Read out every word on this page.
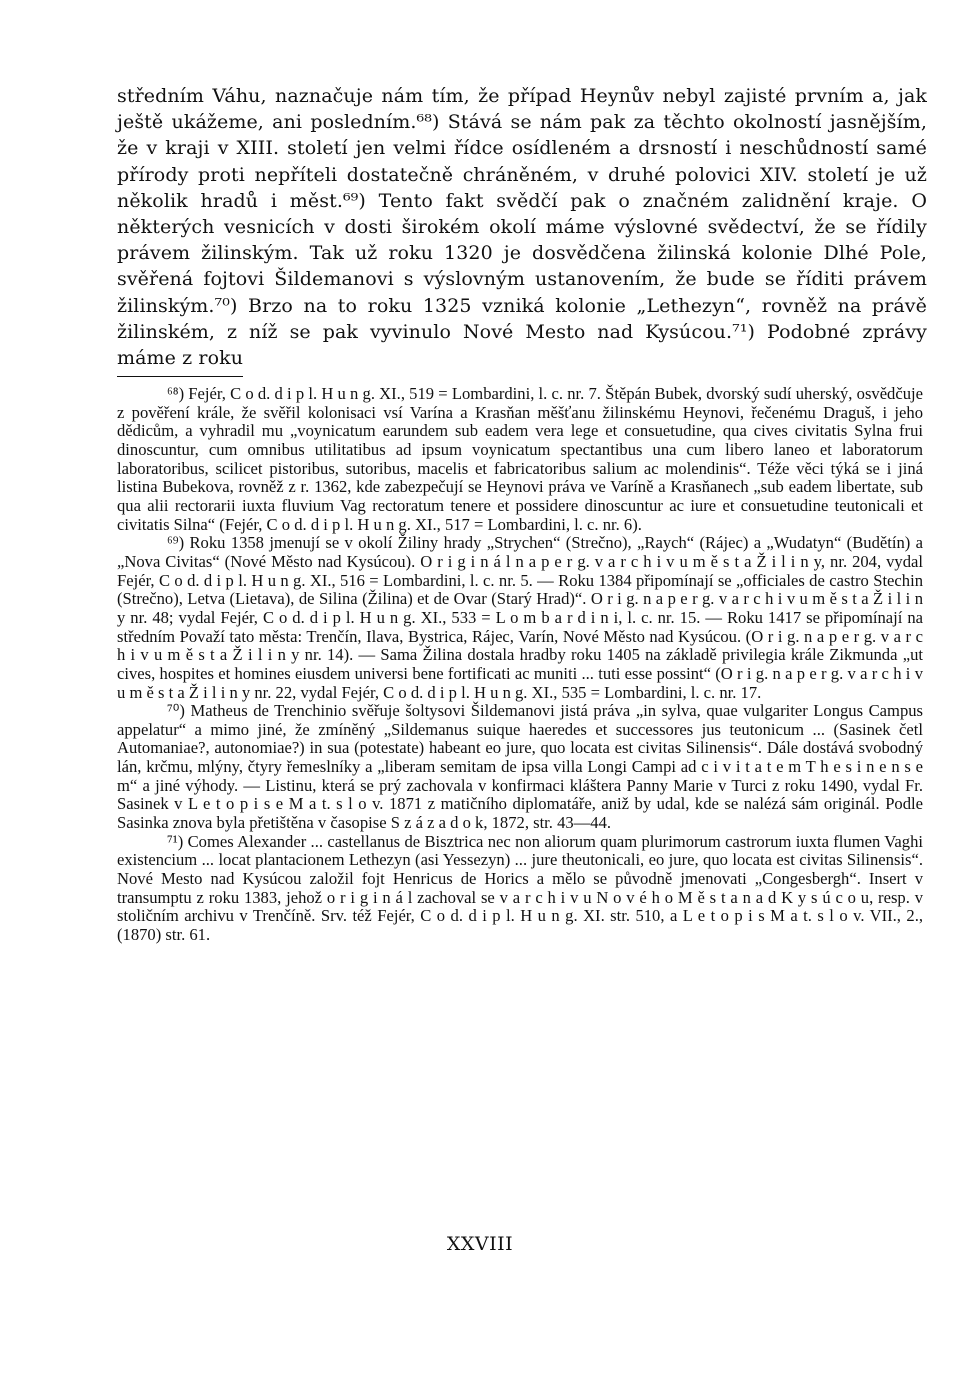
středním Váhu, naznačuje nám tím, že případ Heynův nebyl zajisté prvním a, jak ještě ukážeme, ani posledním.⁶⁸) Stává se nám pak za těchto okolností jasnějším, že v kraji v XIII. století jen velmi řídce osídleném a drsností i neschůdností samé přírody proti nepříteli dostatečně chráněném, v druhé polovici XIV. století je už několik hradů i měst.⁶⁹) Tento fakt svědčí pak o značném zalidnění kraje. O některých vesnicích v dosti širokém okolí máme výslovné svědectví, že se řídily právem žilinským. Tak už roku 1320 je dosvědčena žilinská kolonie Dlhé Pole, svěřená fojtovi Šildemanovi s výslovným ustanovením, že bude se říditi právem žilinským.⁷⁰) Brzo na to roku 1325 vzniká kolonie „Lethezyn“, rovněž na právě žilinském, z níž se pak vyvinulo Nové Mesto nad Kysúcou.⁷¹) Podobné zprávy máme z roku

⁶⁸) Fejér, C o d. d i p l. H u n g. XI., 519 = Lombardini, l. c. nr. 7. Štěpán Bubek, dvorský sudí uherský, osvědčuje z pověření krále, že svěřil kolonisaci vsí Varína a Krasňan měšťanu žilinskému Heynovi, řečenému Draguš, i jeho dědicům, a vyhradil mu „voynicatum earundem sub eadem vera lege et consuetudine, qua cives civitatis Sylna frui dinoscuntur, cum omnibus utilitatibus ad ipsum voynicatum spectantibus una cum libero laneo et laboratorum laboratoribus, scilicet pistoribus, sutoribus, macelis et fabricatoribus salium ac molendinis“. Téže věci týká se i jiná listina Bubekova, rovněž z r. 1362, kde zabezpečují se Heynovi práva ve Varíně a Krasňanech „sub eadem libertate, sub qua alii rectorarii iuxta fluvium Vag rectoratum tenere et possidere dinoscuntur ac iure et consuetudine teutonicali et civitatis Silna“ (Fejér, C o d. d i p l. H u n g. XI., 517 = Lombardini, l. c. nr. 6).

⁶⁹) Roku 1358 jmenují se v okolí Žiliny hrady „Strychen“ (Strečno), „Raych“ (Rájec) a „Wudatyn“ (Budětín) a „Nova Civitas“ (Nové Město nad Kysúcou). O r i g i n á l n a p e r g. v a r c h i v u m ě s t a Ž i l i n y, nr. 204, vydal Fejér, C o d. d i p l. H u n g. XI., 516 = Lombardini, l. c. nr. 5. — Roku 1384 připomínají se „officiales de castro Stechin (Strečno), Letva (Lietava), de Silina (Žilina) et de Ovar (Starý Hrad)“. O r i g. n a p e r g. v a r c h i v u m ě s t a Ž i l i n y nr. 48; vydal Fejér, C o d. d i p l. H u n g. XI., 533 = L o m b a r d i n i, l. c. nr. 15. — Roku 1417 se připomínají na středním Považí tato města: Trenčín, Ilava, Bystrica, Rájec, Varín, Nové Město nad Kysúcou. (O r i g. n a p e r g. v a r c h i v u m ě s t a Ž i l i n y nr. 14). — Sama Žilina dostala hradby roku 1405 na základě privilegia krále Zikmunda „ut cives, hospites et homines eiusdem universi bene fortificati ac muniti ... tuti esse possint“ (O r i g. n a p e r g. v a r c h i v u m ě s t a Ž i l i n y nr. 22, vydal Fejér, C o d. d i p l. H u n g. XI., 535 = Lombardini, l. c. nr. 17.

⁷⁰) Matheus de Trenchinio svěřuje šoltysovi Šildemanovi jistá práva „in sylva, quae vulgariter Longus Campus appelatur“ a mimo jiné, že zmíněný „Sildemanus suique haeredes et successores jus teutonicum ... (Sasinek četl Automaniae?, autonomiae?) in sua (potestate) habeant eo jure, quo locata est civitas Silinensis“. Dále dostává svobodný lán, krčmu, mlýny, čtyry řemeslníky a „liberam semitam de ipsa villa Longi Campi ad c i v i t a t e m T h e s i n e n s e m“ a jiné výhody. — Listinu, která se prý zachovala v konfirmaci kláštera Panny Marie v Turci z roku 1490, vydal Fr. Sasinek v L e t o p i s e M a t. s l o v. 1871 z matičního diplomatáře, aniž by udal, kde se nalézá sám originál. Podle Sasinka znova byla přetištěna v časopise S z á z a d o k, 1872, str. 43—44.

⁷¹) Comes Alexander ... castellanus de Bisztrica nec non aliorum quam plurimorum castrorum iuxta flumen Vaghi existencium ... locat plantacionem Lethezyn (asi Yessezyn) ... jure theutonicali, eo jure, quo locata est civitas Silinensis“. Nové Mesto nad Kysúcou založil fojt Henricus de Horics a mělo se původně jmenovati „Congesbergh“. Insert v transumptu z roku 1383, jehož o r i g i n á l zachoval se v a r c h i v u N o v é h o M ě s t a n a d K y s ú c o u, resp. v stoličním archivu v Trenčíně. Srv. též Fejér, C o d. d i p l. H u n g. XI. str. 510, a L e t o p i s M a t. s l o v. VII., 2., (1870) str. 61.

XXVIII
